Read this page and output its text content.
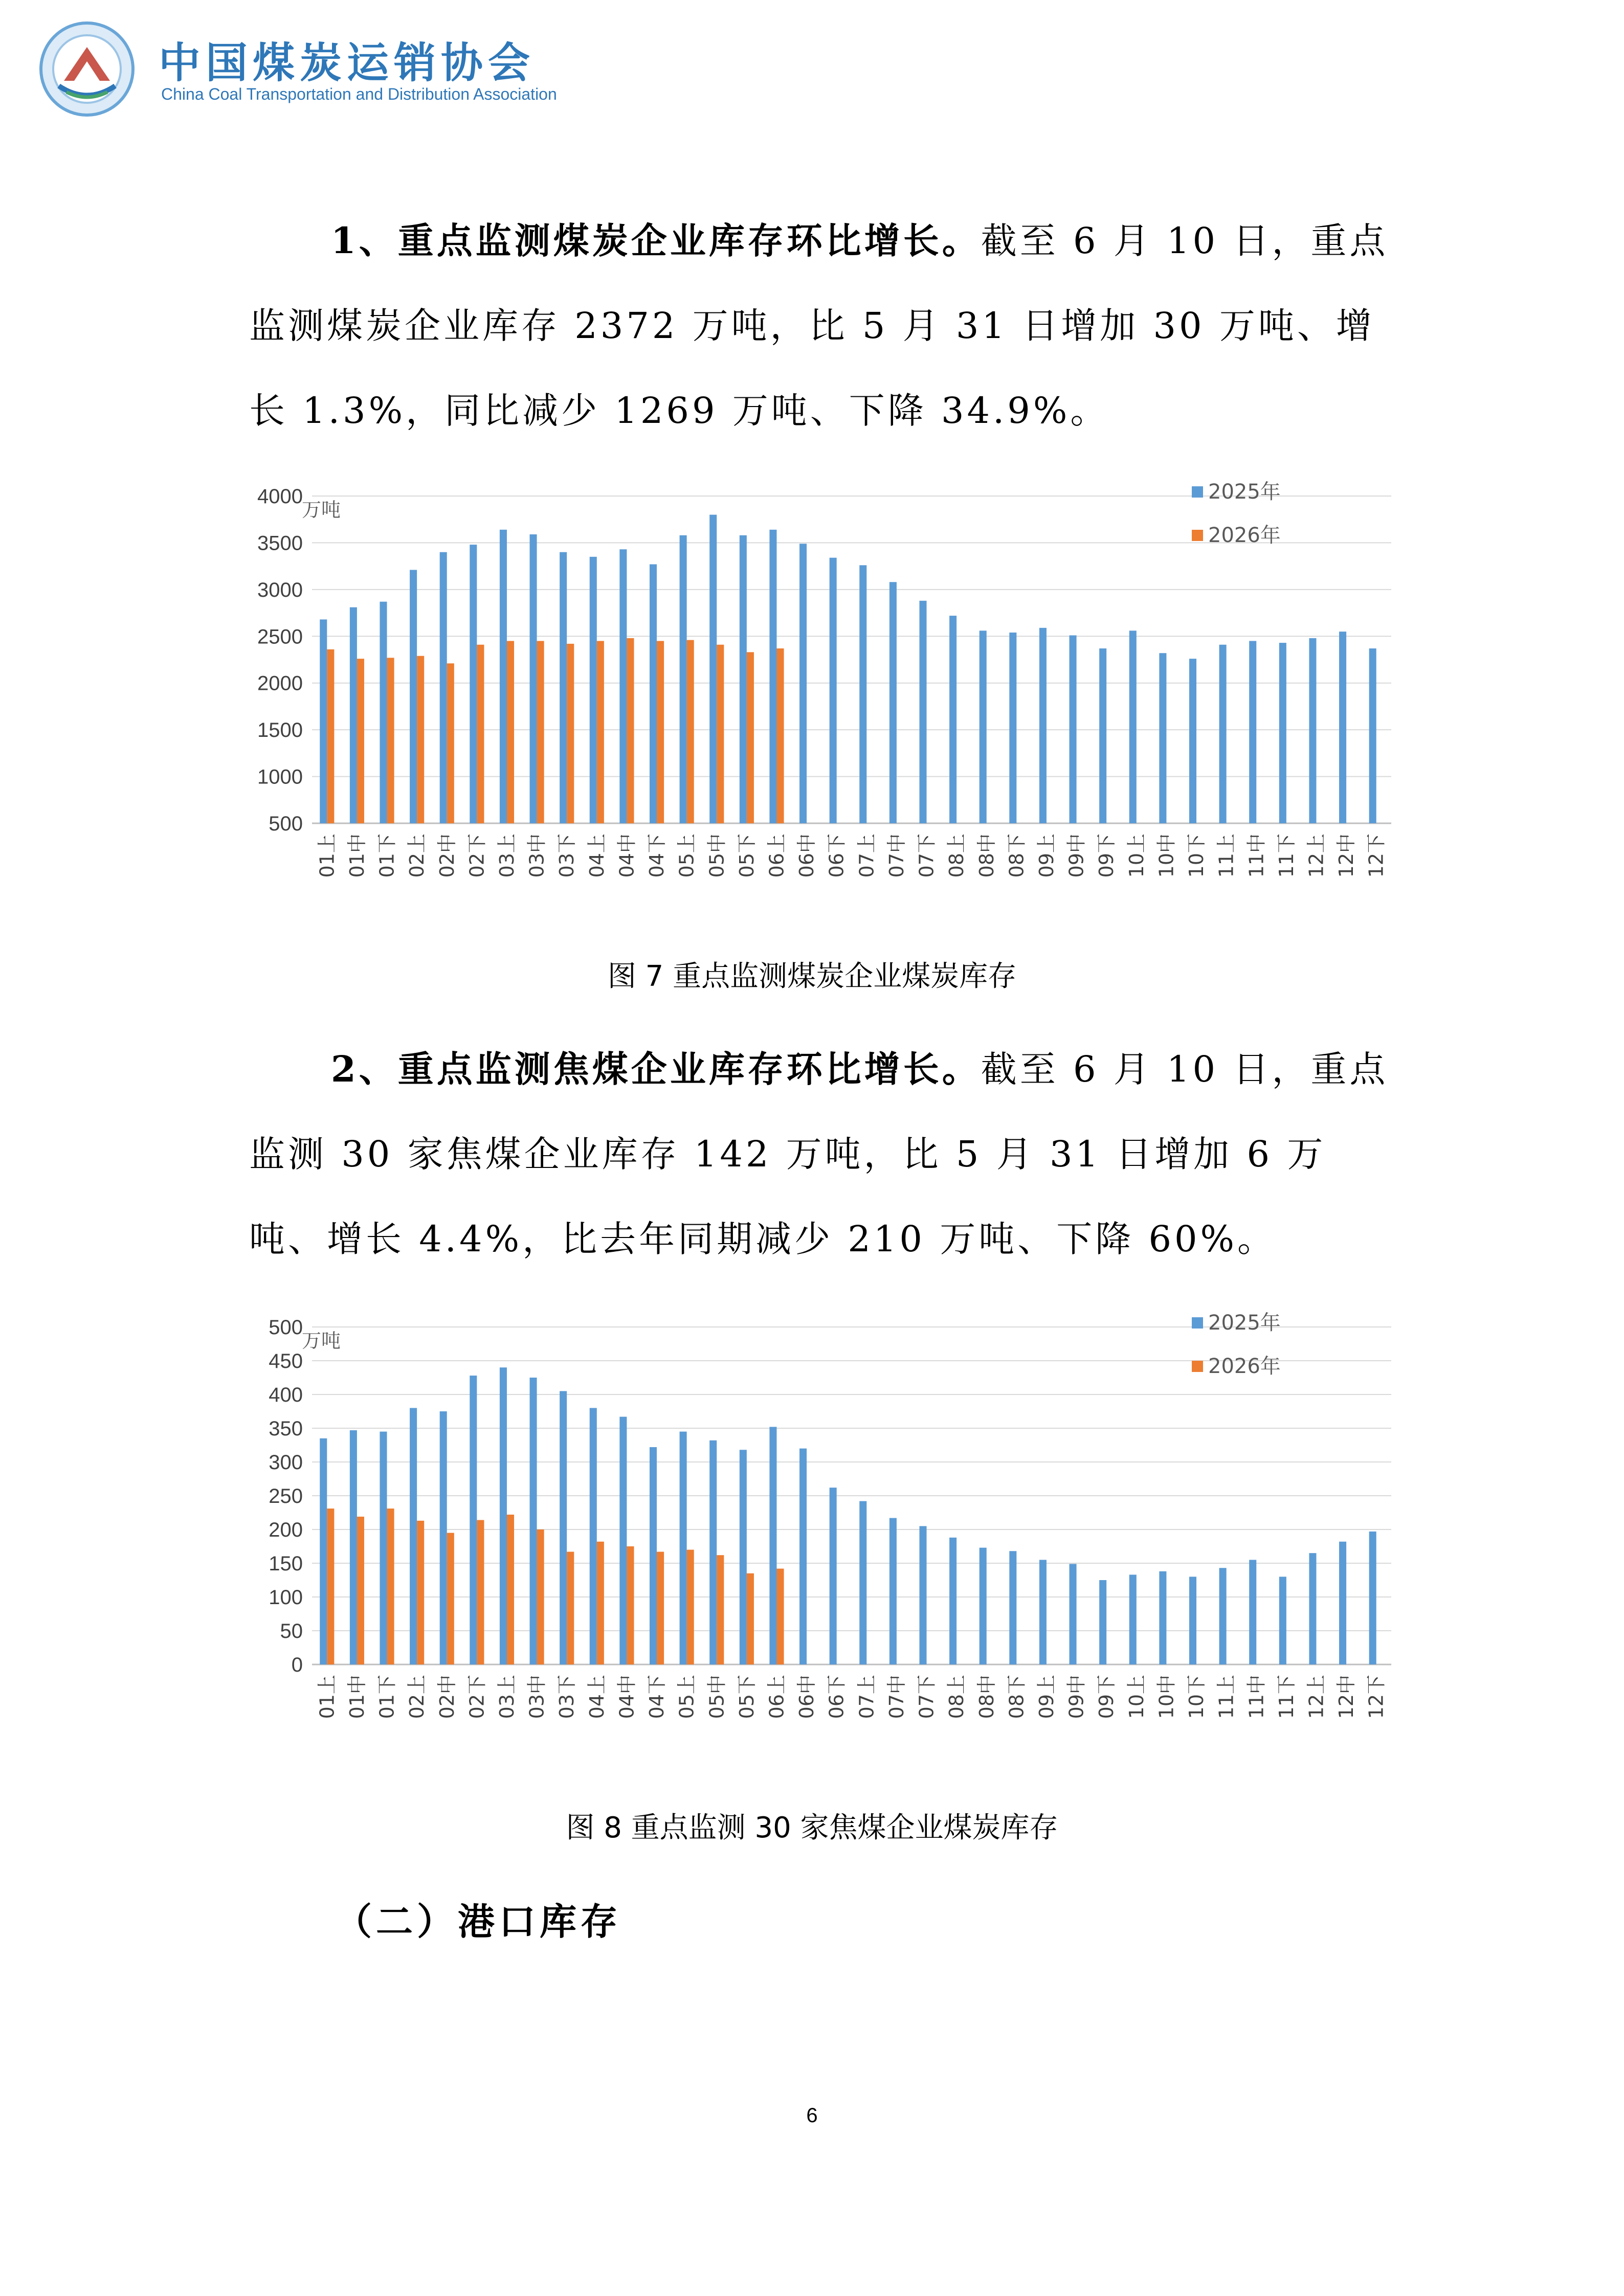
中国煤炭运销协会
China Coal Transportation and Distribution Association
1、重点监测煤炭企业库存环比增长。截至 6 月 10 日，重点监测煤炭企业库存 2372 万吨，比 5 月 31 日增加 30 万吨、增长 1.3%，同比减少 1269 万吨、下降 34.9%。
500
1000
1500
2000
2500
3000
3500
4000
万吨
01上 01中 01下 02上 02中 02下 03上 03中 03下 04上 04中 04下 05上 05中 05下 06上 06中 06下 07上 07中 07下 08上 08中 08下 09上 09中 09下 10上 10中 10下 11上 11中 11下 12上 12中 12下
2025年
2026年
图 7 重点监测煤炭企业煤炭库存
2、重点监测焦煤企业库存环比增长。截至 6 月 10 日，重点监测 30 家焦煤企业库存 142 万吨，比 5 月 31 日增加 6 万吨、增长 4.4%，比去年同期减少 210 万吨、下降 60%。
0
50
100
150
200
250
300
350
400
450
500
万吨
01上 01中 01下 02上 02中 02下 03上 03中 03下 04上 04中 04下 05上 05中 05下 06上 06中 06下 07上 07中 07下 08上 08中 08下 09上 09中 09下 10上 10中 10下 11上 11中 11下 12上 12中 12下
2025年
2026年
图 8 重点监测 30 家焦煤企业煤炭库存
（二）港口库存
6
